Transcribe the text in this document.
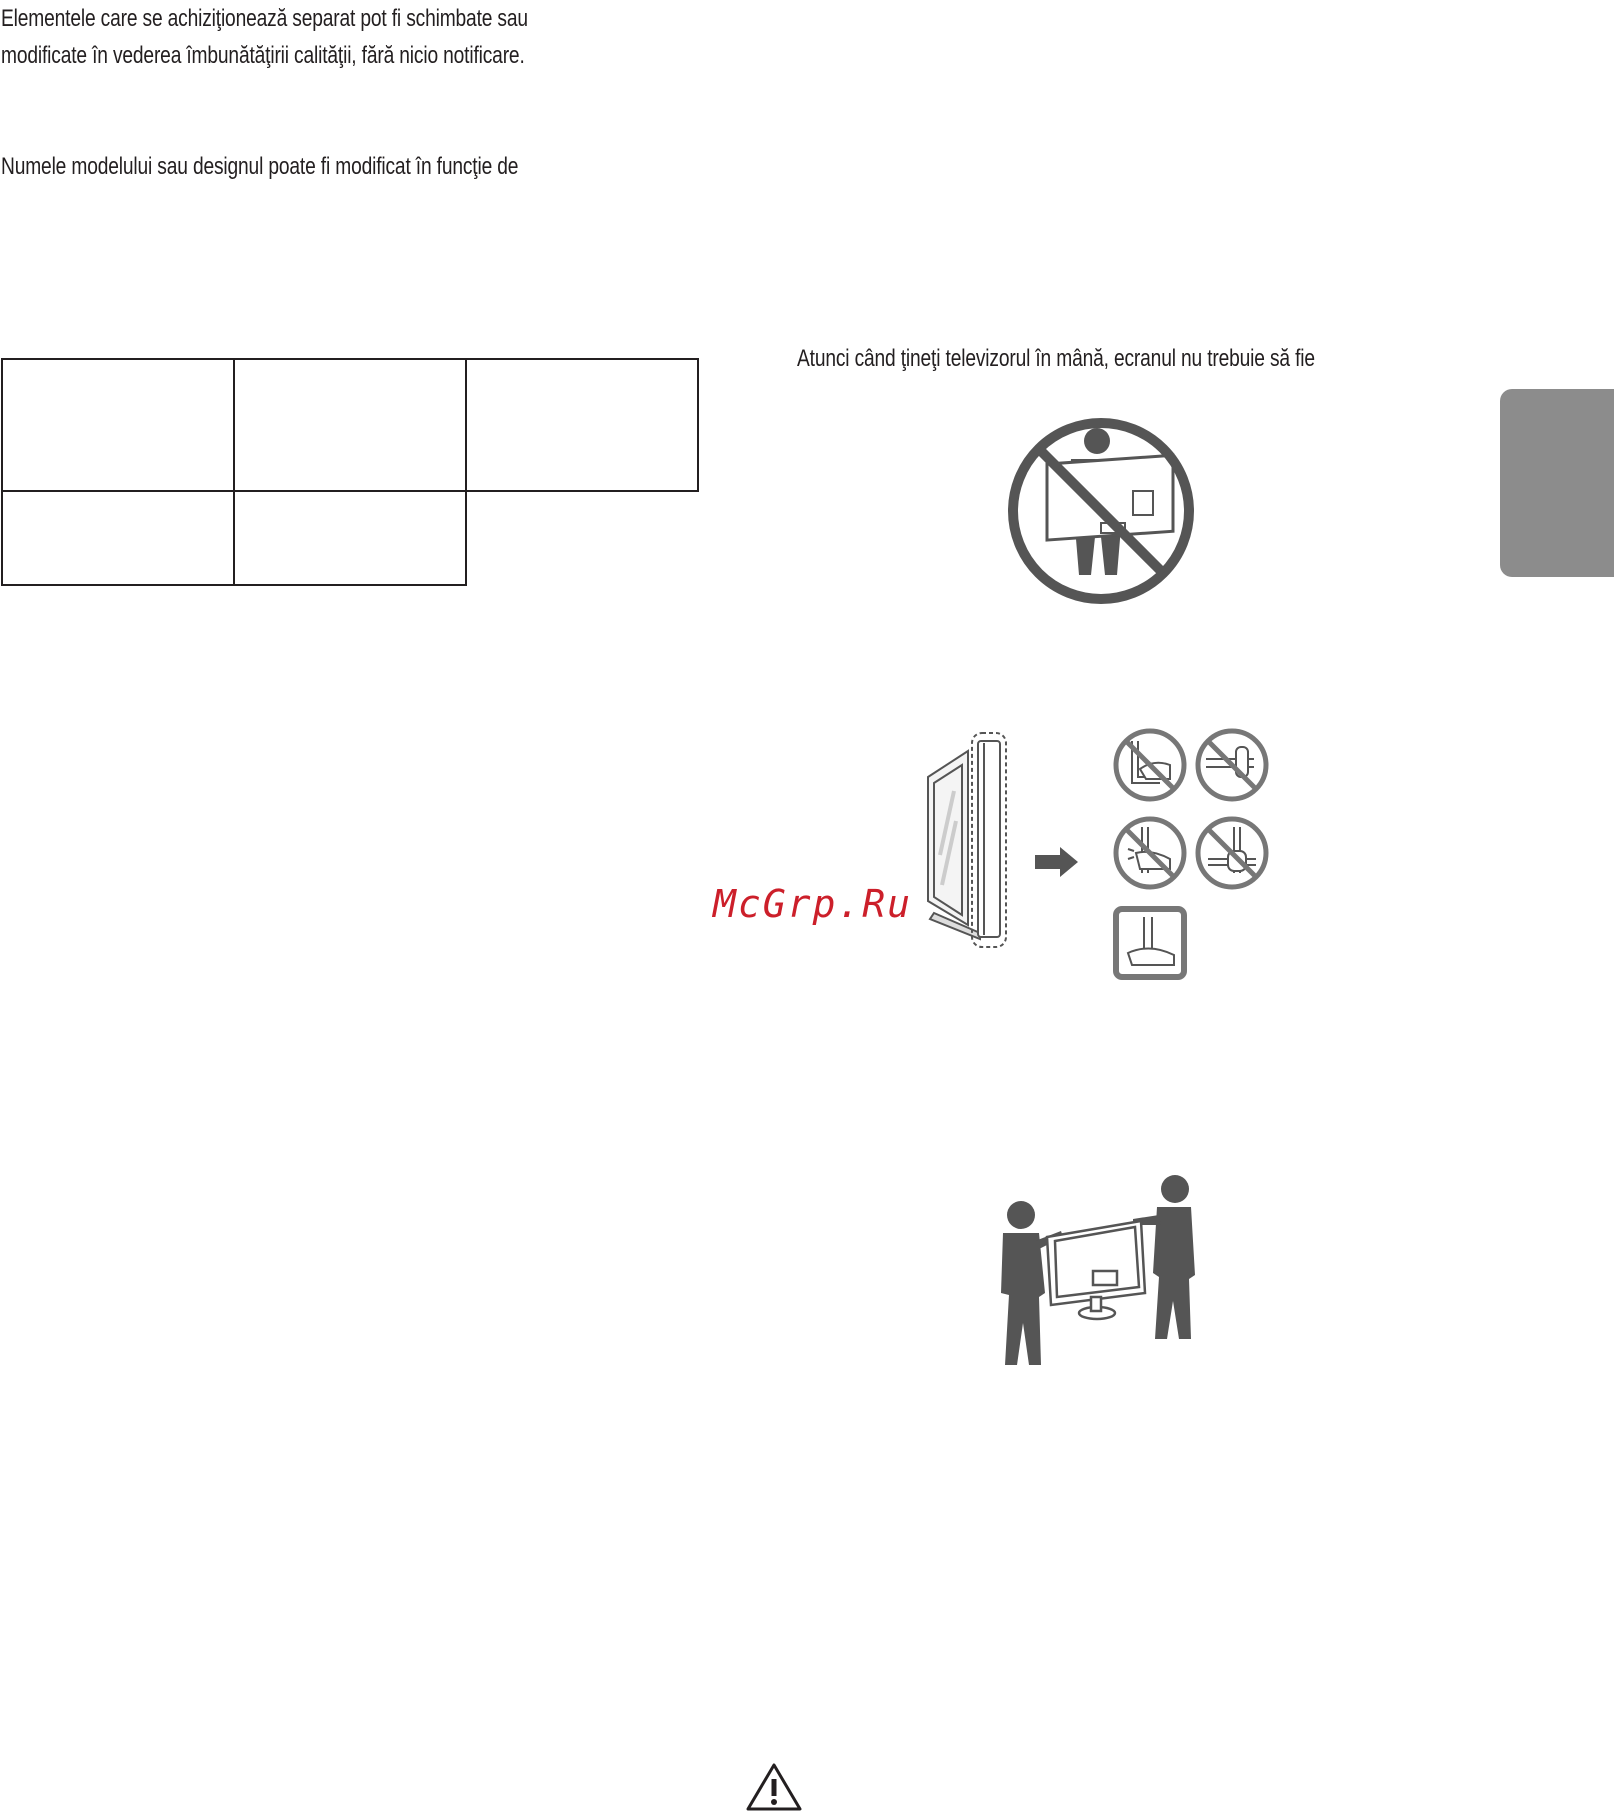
Elementele care se achiziţionează separat pot fi schimbate sau
modificate în vederea îmbunătăţirii calităţii, fără nicio notificare.

Numele modelului sau designul poate fi modificat în funcţie de

Atunci când ţineţi televizorul în mână, ecranul nu trebuie să fie

McGrp.Ru
